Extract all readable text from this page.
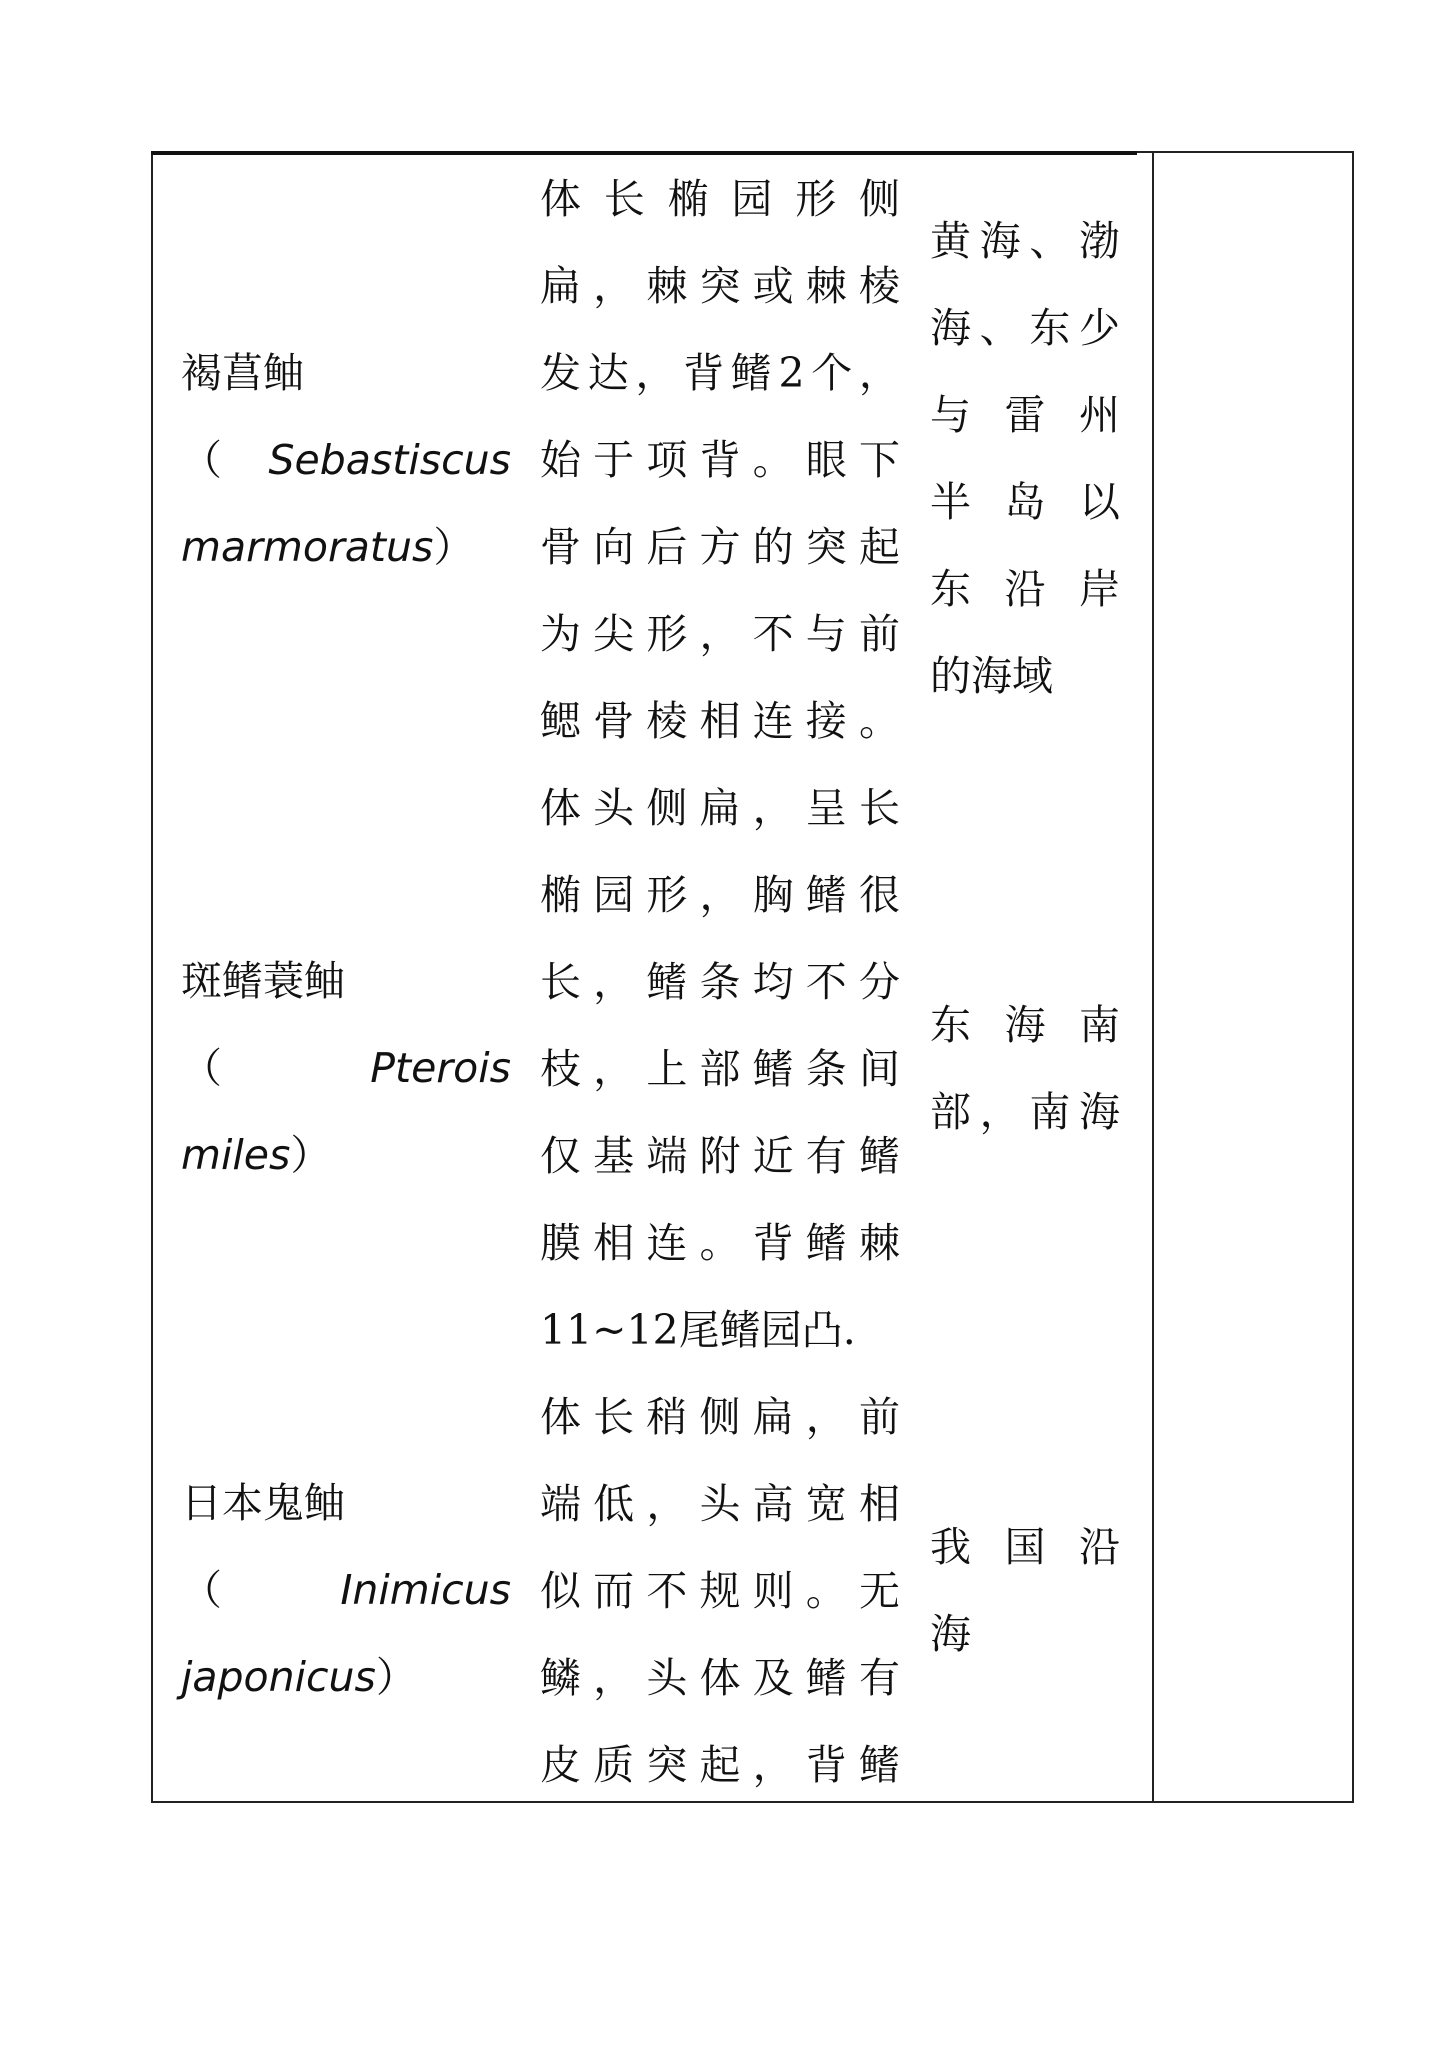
褐菖鲉
（ Sebastiscus
marmoratus ）
体 长 椭 园 形 侧
扁 ， 棘 突 或 棘 棱
发 达 ， 背 鳍 2 个 ，
始 于 项 背 。 眼 下
骨 向 后 方 的 突 起
为 尖 形 ， 不 与 前
鳃 骨 棱 相 连 接 。
黄 海 、 渤
海 、 东 少
与 雷 州
半 岛 以
东 沿 岸
的海域
斑鳍蓑鲉
（	Pterois
miles ）
体 头 侧 扁 ， 呈 长
椭 园 形 ， 胸 鳍 很
长 ， 鳍 条 均 不 分
枝 ， 上 部 鳍 条 间
仅 基 端 附 近 有 鳍
膜 相 连 。 背 鳍 棘
11~12尾鳍园凸.
东 海 南
部 ， 南 海
日本鬼鲉
（	Inimicus
japonicus ）
体 长 稍 侧 扁 ， 前
端 低 ， 头 高 宽 相
似 而 不 规 则 。 无
鳞 ， 头 体 及 鳍 有
皮 质 突 起 ， 背 鳍
我 国 沿
海
